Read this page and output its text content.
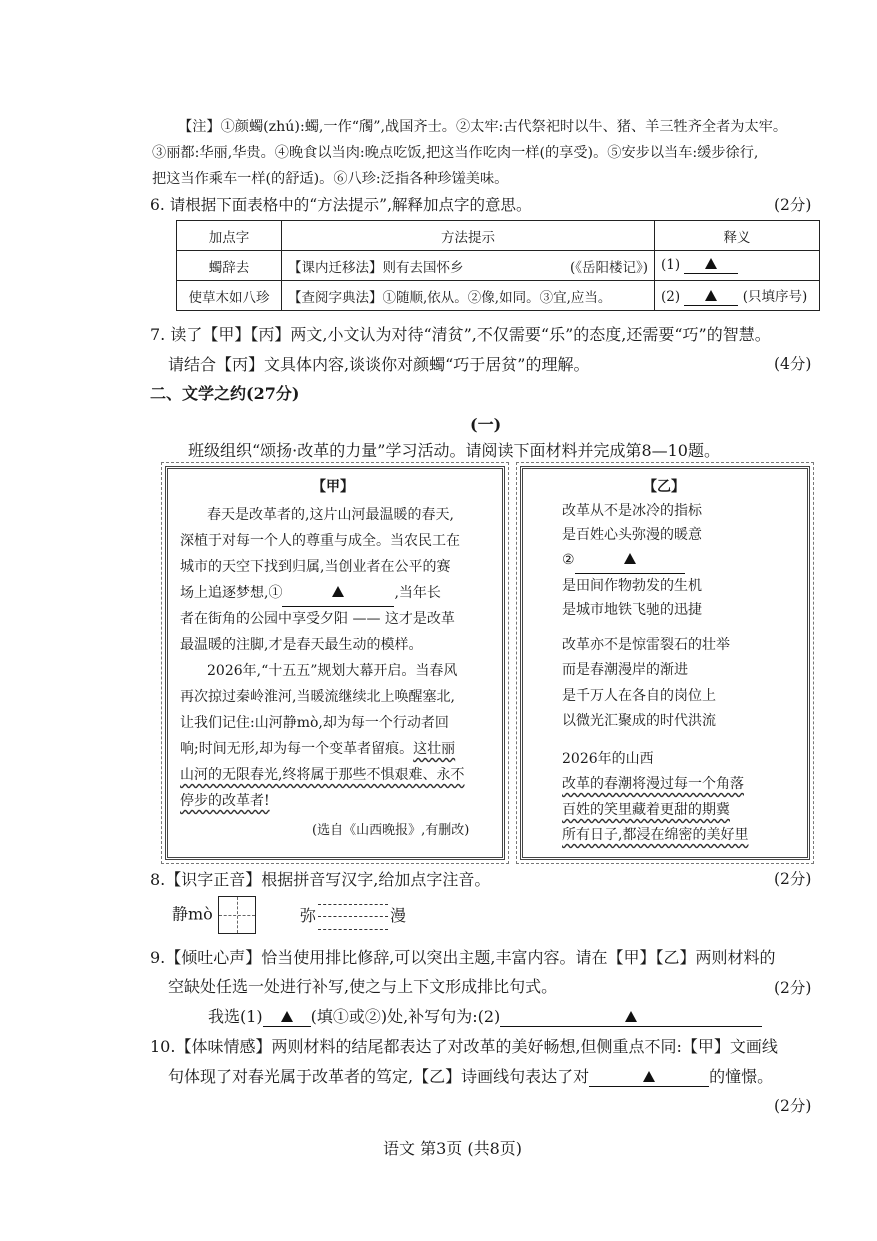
【注】①颜蠋(zhú):蠋,一作“斶”,战国齐士。②太牢:古代祭祀时以牛、猪、羊三牲齐全者为太牢。
③丽都:华丽,华贵。④晚食以当肉:晚点吃饭,把这当作吃肉一样(的享受)。⑤安步以当车:缓步徐行,
把这当作乘车一样(的舒适)。⑥八珍:泛指各种珍馐美味。
6. 请根据下面表格中的“方法提示”,解释加点字的意思。	(2分)
加点字	方法提示	释义
蠋辞去	【课内迁移法】则有去国怀乡 (《岳阳楼记》)	(1)
使草木如八珍	【查阅字典法】①随顺,依从。②像,如同。③宜,应当。	(2) (只填序号)
7. 读了【甲】【丙】两文,小文认为对待“清贫”,不仅需要“乐”的态度,还需要“巧”的智慧。
请结合【丙】文具体内容,谈谈你对颜蠋“巧于居贫”的理解。	(4分)
二、文学之约(27分)
(一)
班级组织“颂扬·改革的力量”学习活动。请阅读下面材料并完成第8—10题。
【甲】
春天是改革者的,这片山河最温暖的春天,
深植于对每一个人的尊重与成全。当农民工在
城市的天空下找到归属,当创业者在公平的赛
场上追逐梦想,①	,当年长
者在街角的公园中享受夕阳 —— 这才是改革
最温暖的注脚,才是春天最生动的模样。
2026年,“十五五”规划大幕开启。当春风
再次掠过秦岭淮河,当暖流继续北上唤醒塞北,
让我们记住:山河静mò,却为每一个行动者回
响;时间无形,却为每一个变革者留痕。这壮丽
山河的无限春光,终将属于那些不惧艰难、永不
停步的改革者!
(选自《山西晚报》,有删改)
【乙】
改革从不是冰冷的指标
是百姓心头弥漫的暖意
②
是田间作物勃发的生机
是城市地铁飞驰的迅捷
改革亦不是惊雷裂石的壮举
而是春潮漫岸的渐进
是千万人在各自的岗位上
以微光汇聚成的时代洪流
2026年的山西
改革的春潮将漫过每一个角落
百姓的笑里藏着更甜的期冀
所有日子,都浸在绵密的美好里
8.【识字正音】根据拼音写汉字,给加点字注音。	(2分)
静mò	弥	漫
9.【倾吐心声】恰当使用排比修辞,可以突出主题,丰富内容。请在【甲】【乙】两则材料的
空缺处任选一处进行补写,使之与上下文形成排比句式。	(2分)
我选(1)	(填①或②)处,补写句为:(2)
10.【体味情感】两则材料的结尾都表达了对改革的美好畅想,但侧重点不同:【甲】文画线
句体现了对春光属于改革者的笃定,【乙】诗画线句表达了对	的憧憬。
(2分)
语文 第3页 (共8页)
